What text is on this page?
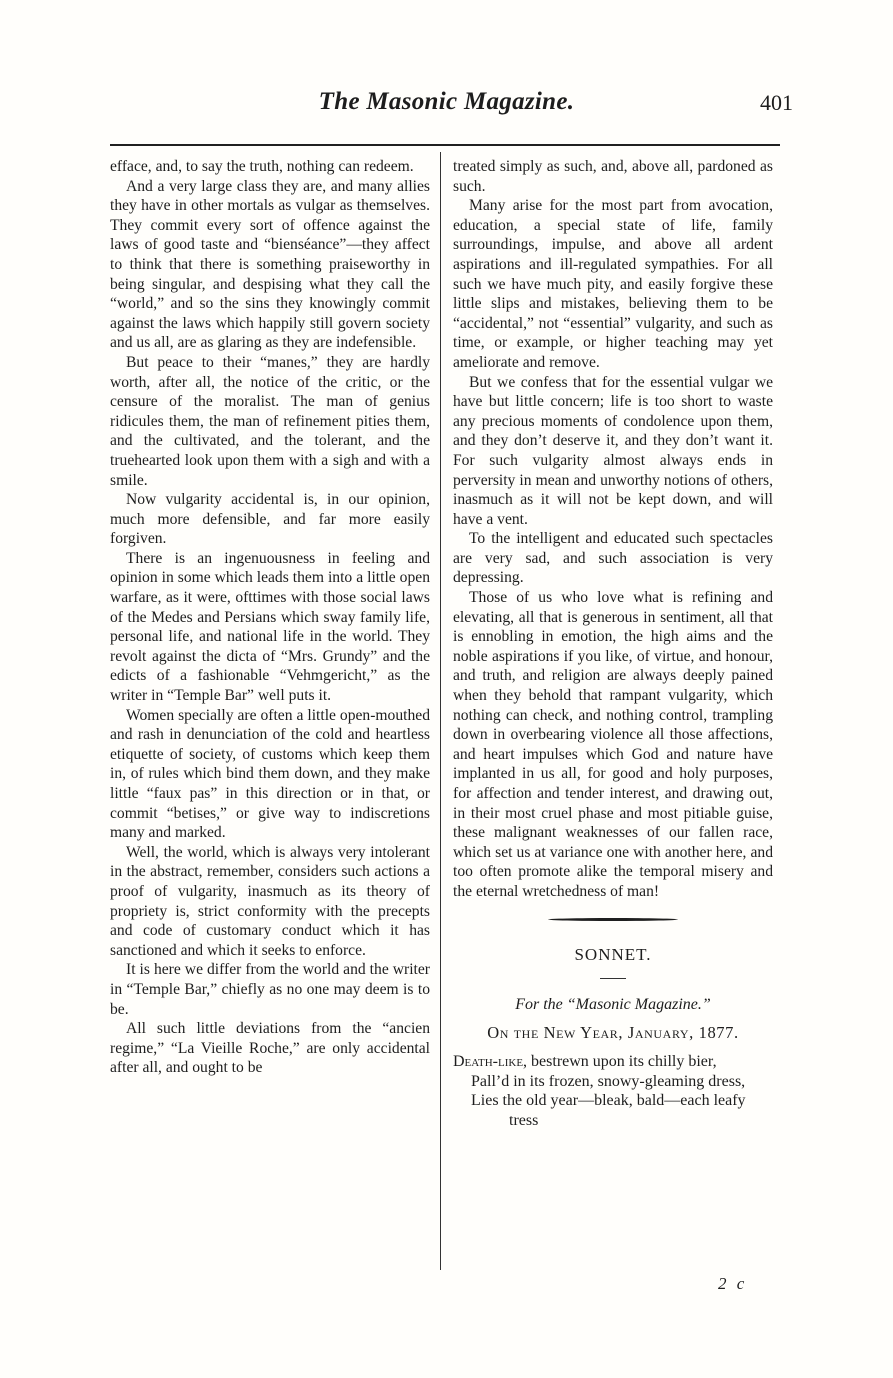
The Masonic Magazine.	401

efface, and, to say the truth, nothing can redeem.

And a very large class they are, and many allies they have in other mortals as vulgar as themselves. They commit every sort of offence against the laws of good taste and “bienséance”—they affect to think that there is something praiseworthy in being singular, and despising what they call the “world,” and so the sins they knowingly commit against the laws which happily still govern society and us all, are as glaring as they are indefensible.

But peace to their “manes,” they are hardly worth, after all, the notice of the critic, or the censure of the moralist. The man of genius ridicules them, the man of refinement pities them, and the cultivated, and the tolerant, and the truehearted look upon them with a sigh and with a smile.

Now vulgarity accidental is, in our opinion, much more defensible, and far more easily forgiven.

There is an ingenuousness in feeling and opinion in some which leads them into a little open warfare, as it were, ofttimes with those social laws of the Medes and Persians which sway family life, personal life, and national life in the world. They revolt against the dicta of “Mrs. Grundy” and the edicts of a fashionable “Vehmgericht,” as the writer in “Temple Bar” well puts it.

Women specially are often a little open-mouthed and rash in denunciation of the cold and heartless etiquette of society, of customs which keep them in, of rules which bind them down, and they make little “faux pas” in this direction or in that, or commit “betises,” or give way to indiscretions many and marked.

Well, the world, which is always very intolerant in the abstract, remember, considers such actions a proof of vulgarity, inasmuch as its theory of propriety is, strict conformity with the precepts and code of customary conduct which it has sanctioned and which it seeks to enforce.

It is here we differ from the world and the writer in “Temple Bar,” chiefly as no one may deem is to be.

All such little deviations from the “ancien regime,” “La Vieille Roche,” are only accidental after all, and ought to be

treated simply as such, and, above all, pardoned as such.

Many arise for the most part from avocation, education, a special state of life, family surroundings, impulse, and above all ardent aspirations and ill-regulated sympathies. For all such we have much pity, and easily forgive these little slips and mistakes, believing them to be “accidental,” not “essential” vulgarity, and such as time, or example, or higher teaching may yet ameliorate and remove.

But we confess that for the essential vulgar we have but little concern; life is too short to waste any precious moments of condolence upon them, and they don’t deserve it, and they don’t want it. For such vulgarity almost always ends in perversity in mean and unworthy notions of others, inasmuch as it will not be kept down, and will have a vent.

To the intelligent and educated such spectacles are very sad, and such association is very depressing.

Those of us who love what is refining and elevating, all that is generous in sentiment, all that is ennobling in emotion, the high aims and the noble aspirations if you like, of virtue, and honour, and truth, and religion are always deeply pained when they behold that rampant vulgarity, which nothing can check, and nothing control, trampling down in overbearing violence all those affections, and heart impulses which God and nature have implanted in us all, for good and holy purposes, for affection and tender interest, and drawing out, in their most cruel phase and most pitiable guise, these malignant weaknesses of our fallen race, which set us at variance one with another here, and too often promote alike the temporal misery and the eternal wretchedness of man!

SONNET.
For the “Masonic Magazine.”
On the New Year, January, 1877.
Death-like, bestrewn upon its chilly bier,
Pall’d in its frozen, snowy-gleaming dress,
Lies the old year—bleak, bald—each leafy tress
2 c
